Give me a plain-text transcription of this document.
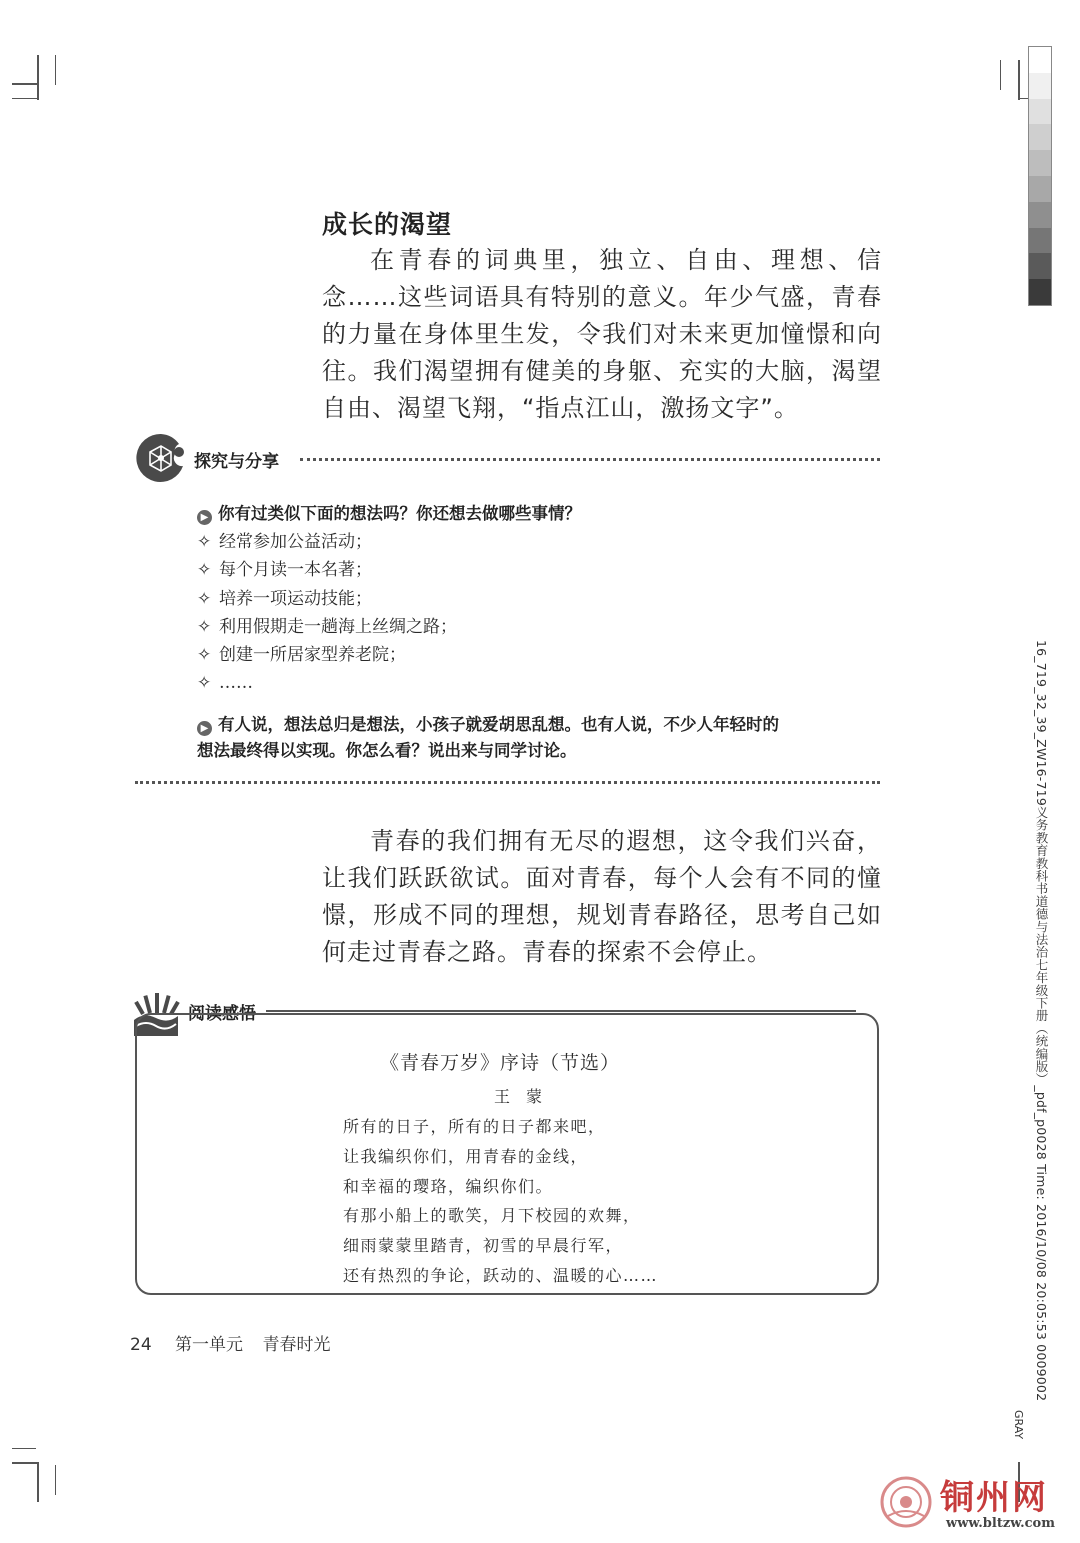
成长的渴望
在青春的词典里，独立、自由、理想、信念……这些词语具有特别的意义。年少气盛，青春的力量在身体里生发，令我们对未来更加憧憬和向往。我们渴望拥有健美的身躯、充实的大脑，渴望自由、渴望飞翔，“指点江山，激扬文字”。
探究与分享
▶ 你有过类似下面的想法吗？你还想去做哪些事情？
✧ 经常参加公益活动；
✧ 每个月读一本名著；
✧ 培养一项运动技能；
✧ 利用假期走一趟海上丝绸之路；
✧ 创建一所居家型养老院；
✧ ……
▶ 有人说，想法总归是想法，小孩子就爱胡思乱想。也有人说，不少人年轻时的
想法最终得以实现。你怎么看？说出来与同学讨论。
青春的我们拥有无尽的遐想，这令我们兴奋，让我们跃跃欲试。面对青春，每个人会有不同的憧憬，形成不同的理想，规划青春路径，思考自己如何走过青春之路。青春的探索不会停止。
阅读感悟
《青春万岁》序诗（节选）
王　蒙
所有的日子，所有的日子都来吧，
让我编织你们，用青春的金线，
和幸福的璎珞，编织你们。
有那小船上的歌笑，月下校园的欢舞，
细雨蒙蒙里踏青，初雪的早晨行军，
还有热烈的争论，跃动的、温暖的心……
24 第一单元 青春时光	16_719_32_39_ZW16-719义务教育教科书道德与法治七年级下册（统编版）_pdf_p0028 Time: 2016/10/08 20:05:53 0009002
GRAY
铜州网
www.bltzw.com
